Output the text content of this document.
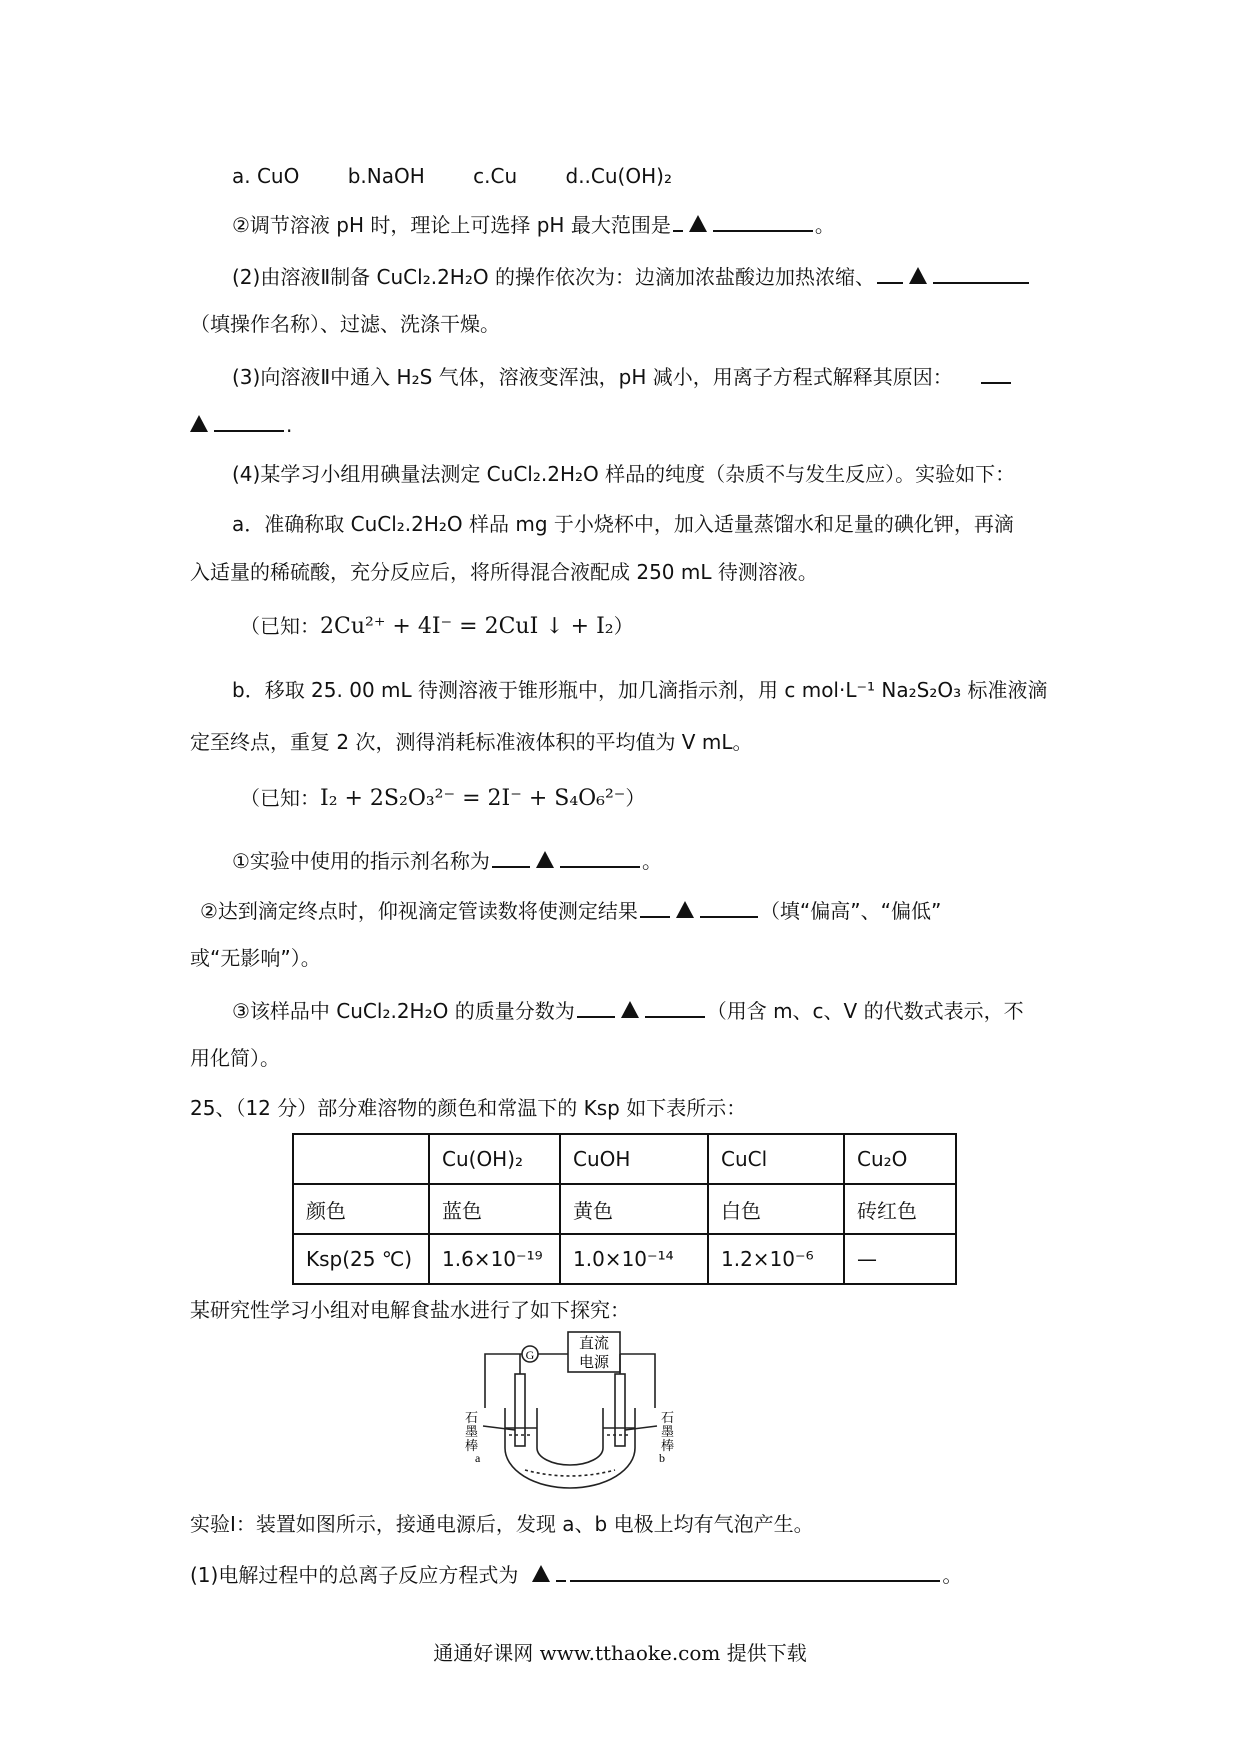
a. CuO b.NaOH c.Cu d..Cu(OH)₂
②调节溶液 pH 时，理论上可选择 pH 最大范围是	。
(2)由溶液Ⅱ制备 CuCl₂.2H₂O 的操作依次为：边滴加浓盐酸边加热浓缩、
（填操作名称）、过滤、洗涤干燥。
(3)向溶液Ⅱ中通入 H₂S 气体，溶液变浑浊，pH 减小，用离子方程式解释其原因：
.
(4)某学习小组用碘量法测定 CuCl₂.2H₂O 样品的纯度（杂质不与发生反应）。实验如下：
a．准确称取 CuCl₂.2H₂O 样品 mg 于小烧杯中，加入适量蒸馏水和足量的碘化钾，再滴
入适量的稀硫酸，充分反应后，将所得混合液配成 250 mL 待测溶液。
（已知：2Cu²⁺ + 4I⁻ = 2CuI ↓ + I₂）
b．移取 25. 00 mL 待测溶液于锥形瓶中，加几滴指示剂，用 c mol·L⁻¹ Na₂S₂O₃ 标准液滴
定至终点，重复 2 次，测得消耗标准液体积的平均值为 V mL。
（已知：I₂ + 2S₂O₃²⁻ = 2I⁻ + S₄O₆²⁻）
①实验中使用的指示剂名称为	。
②达到滴定终点时，仰视滴定管读数将使测定结果	（填“偏高”、“偏低”
或“无影响”）。
③该样品中 CuCl₂.2H₂O 的质量分数为	（用含 m、c、V 的代数式表示，不
用化简）。
25、（12 分）部分难溶物的颜色和常温下的 Ksp 如下表所示：
	Cu(OH)₂	CuOH	CuCl	Cu₂O
颜色	蓝色	黄色	白色	砖红色
Ksp(25 ℃)	1.6×10⁻¹⁹	1.0×10⁻¹⁴	1.2×10⁻⁶	—
某研究性学习小组对电解食盐水进行了如下探究：
G
直流
电源
石
墨
棒
石
墨
棒
a	b
实验Ⅰ：装置如图所示，接通电源后，发现 a、b 电极上均有气泡产生。
(1)电解过程中的总离子反应方程式为	。
通通好课网 www.tthaoke.com 提供下载
